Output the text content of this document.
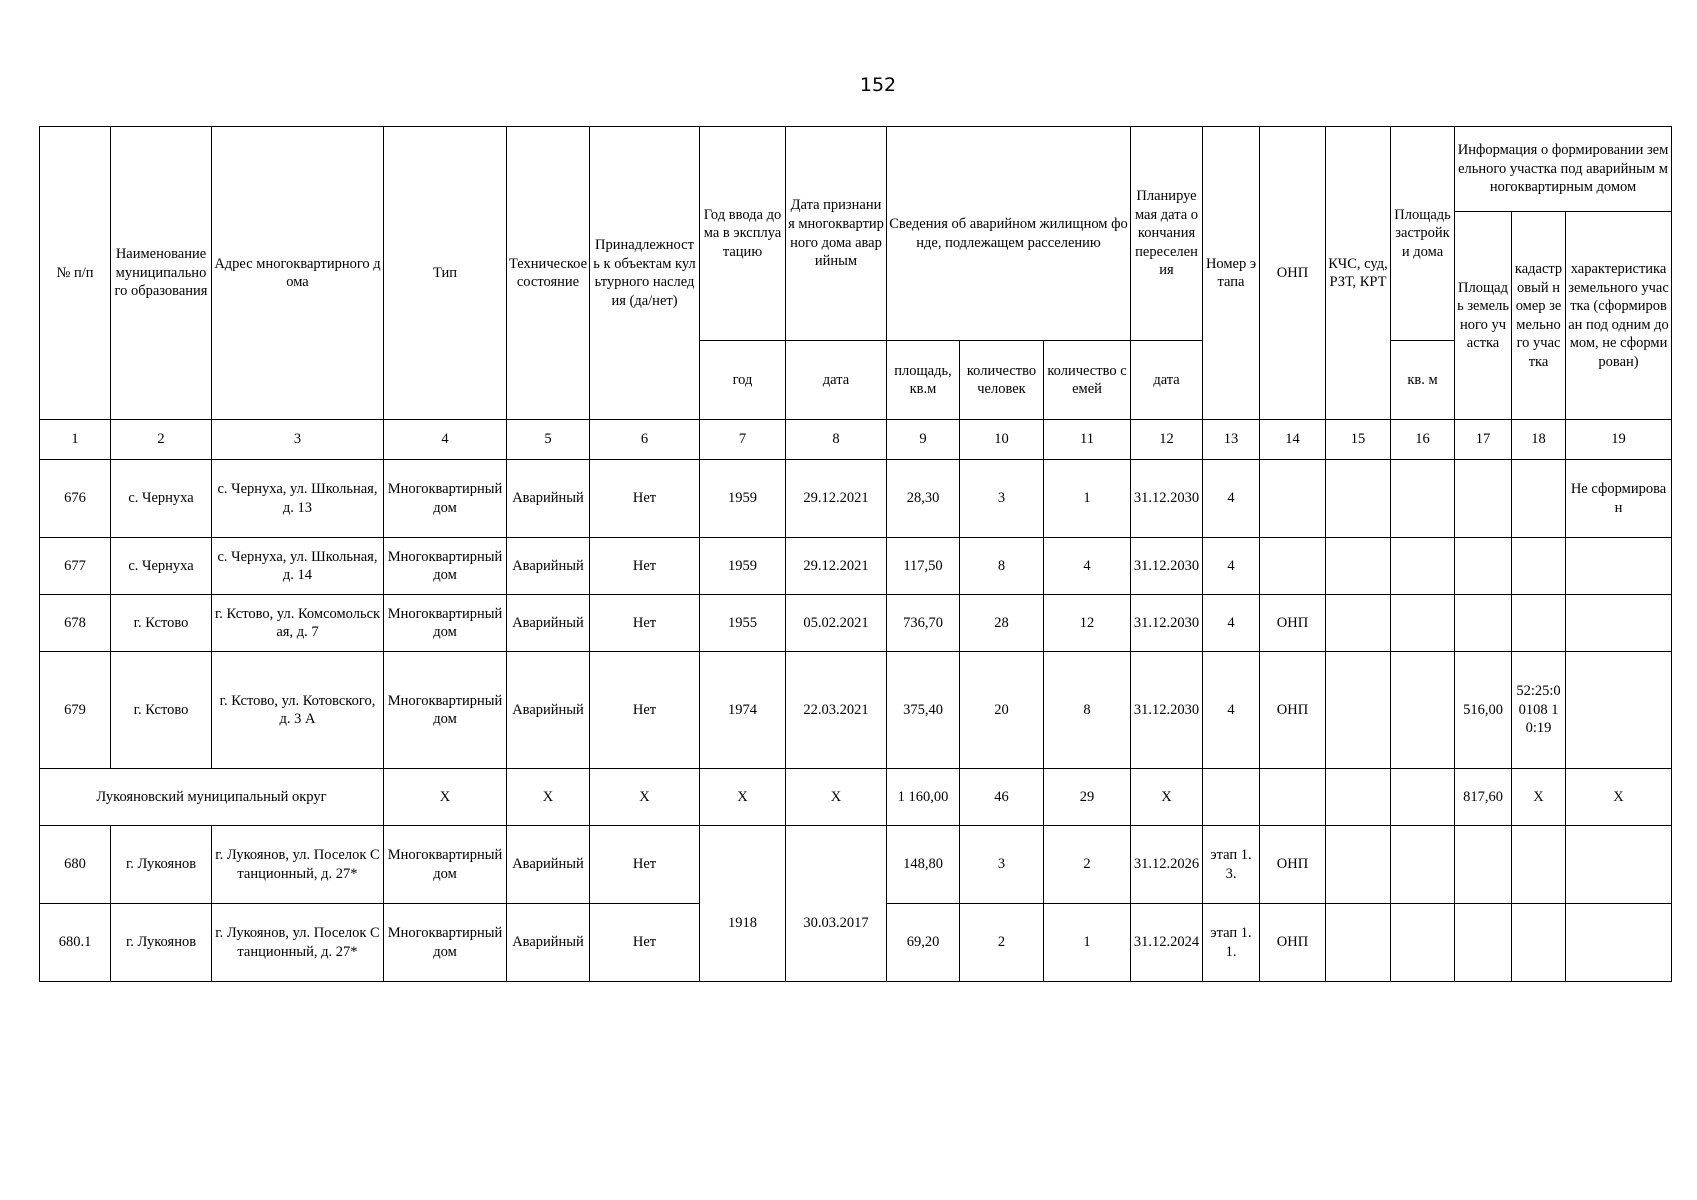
152
№ п/п	Наименование муниципального образования	Адрес многоквартирного дома	Тип	Техническое состояние	Принадлежность к объектам культурного наследия (да/нет)	Год ввода дома в эксплуатацию	Дата признания многоквартирного дома аварийным	Сведения об аварийном жилищном фонде, подлежащем расселению			Планируемая дата окончания переселения	Номер этапа	ОНП	КЧС, суд, РЗТ, КРТ	Площадь застройки дома	Информация о формировании земельного участка под аварийным многоквартирным домом			
																Площадь земельного участка	кадастровый номер земельного участка	характеристика земельного участка (сформирован под одним домом, не сформирован)	
						год	дата	площадь, кв.м	количество человек	количество семей	дата				кв. м	
1	2	3	4	5	6	7	8	9	10	11	12	13	14	15	16	17	18	19	
676	с. Чернуха	с. Чернуха, ул. Школьная, д. 13	Многоквартирный дом	Аварийный	Нет	1959	29.12.2021	28,30	3	1	31.12.2030	4						Не сформирован	
677	с. Чернуха	с. Чернуха, ул. Школьная, д. 14	Многоквартирный дом	Аварийный	Нет	1959	29.12.2021	117,50	8	4	31.12.2030	4							
678	г. Кстово	г. Кстово, ул. Комсомольская, д. 7	Многоквартирный дом	Аварийный	Нет	1955	05.02.2021	736,70	28	12	31.12.2030	4	ОНП						
679	г. Кстово	г. Кстово, ул. Котовского, д. 3 А	Многоквартирный дом	Аварийный	Нет	1974	22.03.2021	375,40	20	8	31.12.2030	4	ОНП			516,00	52:25:00108 10:19		
Лукояновский муниципальный округ			Х	Х	Х	Х	Х	1 160,00	46	29	Х					817,60	Х	Х	
680	г. Лукоянов	г. Лукоянов, ул. Поселок Станционный, д. 27*	Многоквартирный дом	Аварийный	Нет	1918	30.03.2017	148,80	3	2	31.12.2026	этап 1.3.	ОНП						
680.1	г. Лукоянов	г. Лукоянов, ул. Поселок Станционный, д. 27*	Многоквартирный дом	Аварийный	Нет			69,20	2	1	31.12.2024	этап 1.1.	ОНП						
